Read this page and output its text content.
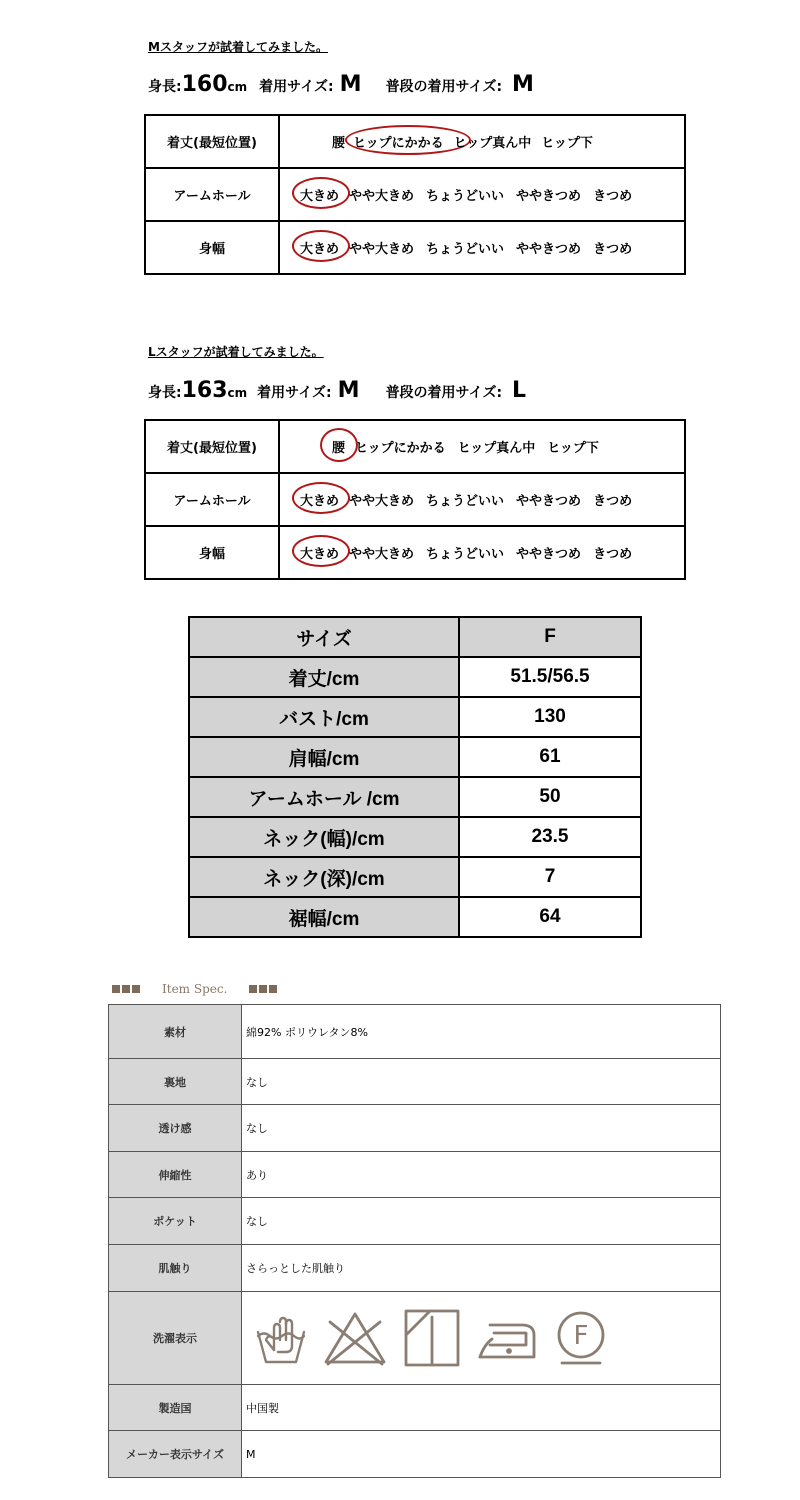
Mスタッフが試着してみました。
身長: 160 cm 着用サイズ: M 普段の着用サイズ: M
着丈(最短位置)	腰 ヒップにかかる ヒップ真ん中 ヒップ下

アームホール	大きめ やや大きめ ちょうどいい ややきつめ きつめ

身幅	大きめ やや大きめ ちょうどいい ややきつめ きつめ
Lスタッフが試着してみました。
身長: 163 cm 着用サイズ: M 普段の着用サイズ: L
着丈(最短位置)	腰 ヒップにかかる ヒップ真ん中 ヒップ下

アームホール	大きめ やや大きめ ちょうどいい ややきつめ きつめ

身幅	大きめ やや大きめ ちょうどいい ややきつめ きつめ
サイズ	F
着丈/cm	51.5/56.5
バスト/cm	130
肩幅/cm	61
アームホール /cm	50
ネック(幅)/cm	23.5
ネック(深)/cm	7
裾幅/cm	64
Item Spec.
素材	綿92% ポリウレタン8%
裏地	なし
透け感	なし
伸縮性	あり
ポケット	なし
肌触り	さらっとした肌触り
洗濯表示	F

製造国	中国製
メーカー表示サイズ	M
